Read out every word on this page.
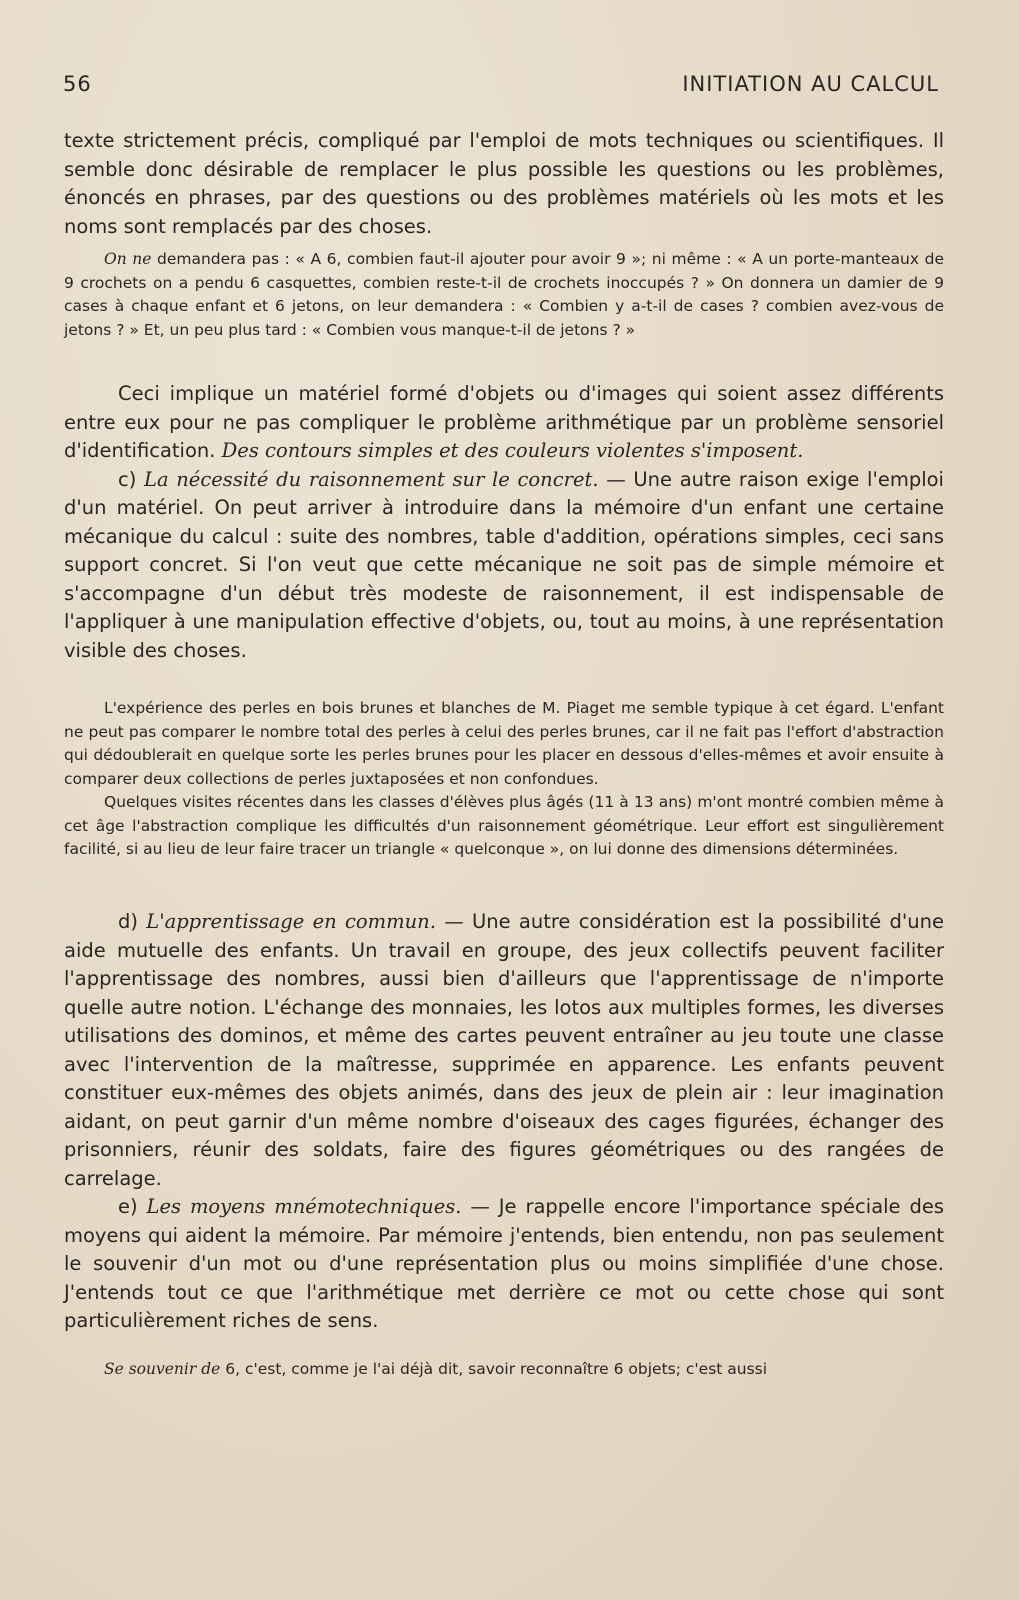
56	INITIATION AU CALCUL

texte strictement précis, compliqué par l'emploi de mots techniques ou scientifiques. Il semble donc désirable de remplacer le plus possible les questions ou les problèmes, énoncés en phrases, par des questions ou des problèmes matériels où les mots et les noms sont remplacés par des choses.

On ne demandera pas : « A 6, combien faut-il ajouter pour avoir 9 »; ni même : « A un porte-manteaux de 9 crochets on a pendu 6 casquettes, combien reste-t-il de crochets inoccupés ? » On donnera un damier de 9 cases à chaque enfant et 6 jetons, on leur demandera : « Combien y a-t-il de cases ? combien avez-vous de jetons ? » Et, un peu plus tard : « Combien vous manque-t-il de jetons ? »

Ceci implique un matériel formé d'objets ou d'images qui soient assez différents entre eux pour ne pas compliquer le problème arithmétique par un problème sensoriel d'identification. Des contours simples et des couleurs violentes s'imposent.

c) La nécessité du raisonnement sur le concret. — Une autre raison exige l'emploi d'un matériel. On peut arriver à introduire dans la mémoire d'un enfant une certaine mécanique du calcul : suite des nombres, table d'addition, opérations simples, ceci sans support concret. Si l'on veut que cette mécanique ne soit pas de simple mémoire et s'accompagne d'un début très modeste de raisonnement, il est indispensable de l'appliquer à une manipulation effective d'objets, ou, tout au moins, à une représentation visible des choses.

L'expérience des perles en bois brunes et blanches de M. Piaget me semble typique à cet égard. L'enfant ne peut pas comparer le nombre total des perles à celui des perles brunes, car il ne fait pas l'effort d'abstraction qui dédoublerait en quelque sorte les perles brunes pour les placer en dessous d'elles-mêmes et avoir ensuite à comparer deux collections de perles juxtaposées et non confondues.

Quelques visites récentes dans les classes d'élèves plus âgés (11 à 13 ans) m'ont montré combien même à cet âge l'abstraction complique les difficultés d'un raisonnement géométrique. Leur effort est singulièrement facilité, si au lieu de leur faire tracer un triangle « quelconque », on lui donne des dimensions déterminées.

d) L'apprentissage en commun. — Une autre considération est la possibilité d'une aide mutuelle des enfants. Un travail en groupe, des jeux collectifs peuvent faciliter l'apprentissage des nombres, aussi bien d'ailleurs que l'apprentissage de n'importe quelle autre notion. L'échange des monnaies, les lotos aux multiples formes, les diverses utilisations des dominos, et même des cartes peuvent entraîner au jeu toute une classe avec l'intervention de la maîtresse, supprimée en apparence. Les enfants peuvent constituer eux-mêmes des objets animés, dans des jeux de plein air : leur imagination aidant, on peut garnir d'un même nombre d'oiseaux des cages figurées, échanger des prisonniers, réunir des soldats, faire des figures géométriques ou des rangées de carrelage.

e) Les moyens mnémotechniques. — Je rappelle encore l'importance spéciale des moyens qui aident la mémoire. Par mémoire j'entends, bien entendu, non pas seulement le souvenir d'un mot ou d'une représentation plus ou moins simplifiée d'une chose. J'entends tout ce que l'arithmétique met derrière ce mot ou cette chose qui sont particulièrement riches de sens.

Se souvenir de 6, c'est, comme je l'ai déjà dit, savoir reconnaître 6 objets; c'est aussi
